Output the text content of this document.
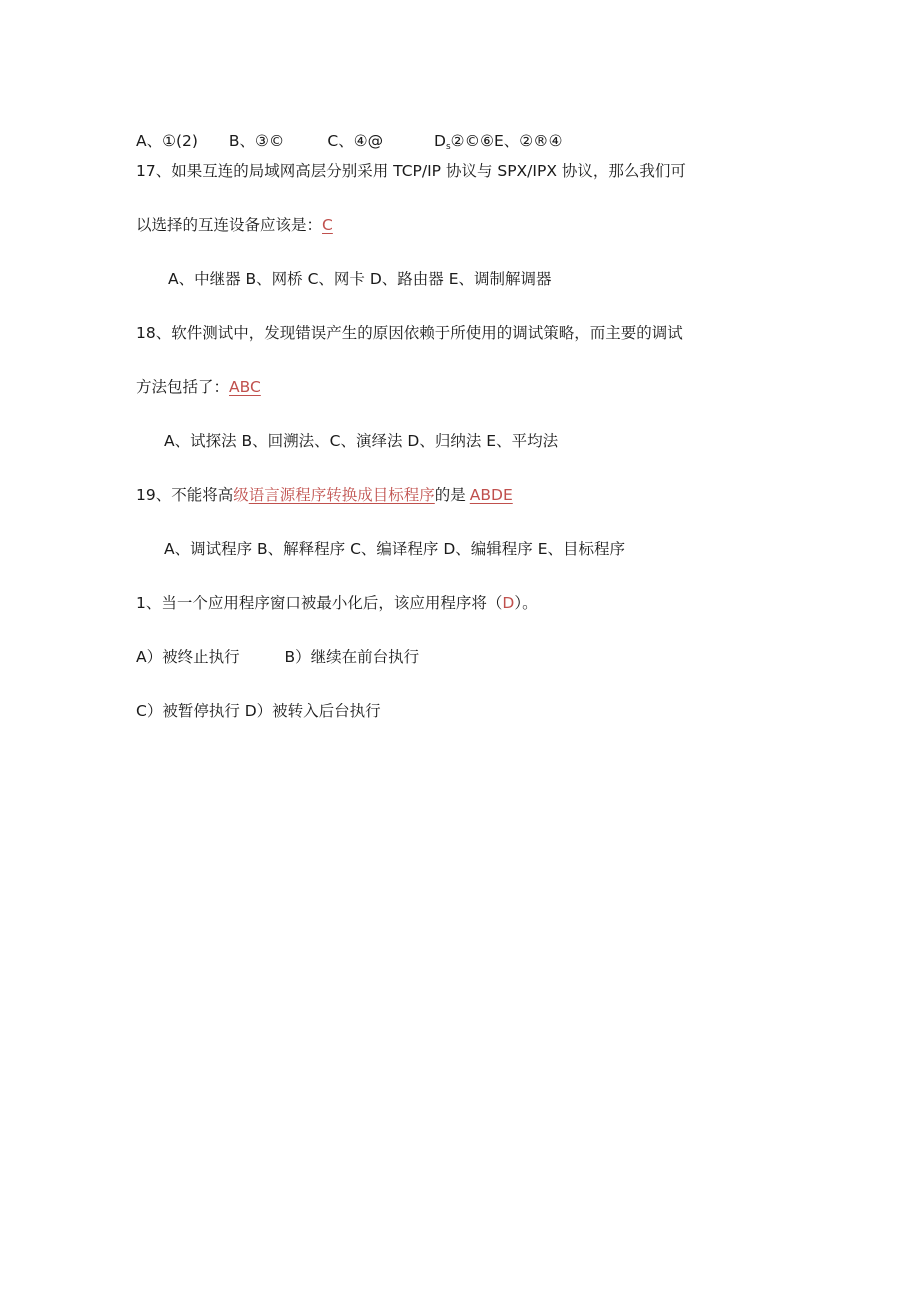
A、①(2) B、③©	C、④@	$D_s②©⑥E$、②®④
17、如果互连的局域网高层分别采用 TCP/IP 协议与 SPX/IPX 协议，那么我们可
以选择的互连设备应该是：C
A、中继器 B、网桥 C、网卡 D、路由器 E、调制解调器
18、软件测试中，发现错误产生的原因依赖于所使用的调试策略，而主要的调试
方法包括了：ABC
A、试探法 B、回溯法、C、演绎法 D、归纳法 E、平均法
19、不能将高级语言源程序转换成目标程序的是 ABDE
A、调试程序 B、解释程序 C、编译程序 D、编辑程序 E、目标程序
1、当一个应用程序窗口被最小化后，该应用程序将（D）。
A）被终止执行	B）继续在前台执行
C）被暂停执行 D）被转入后台执行
